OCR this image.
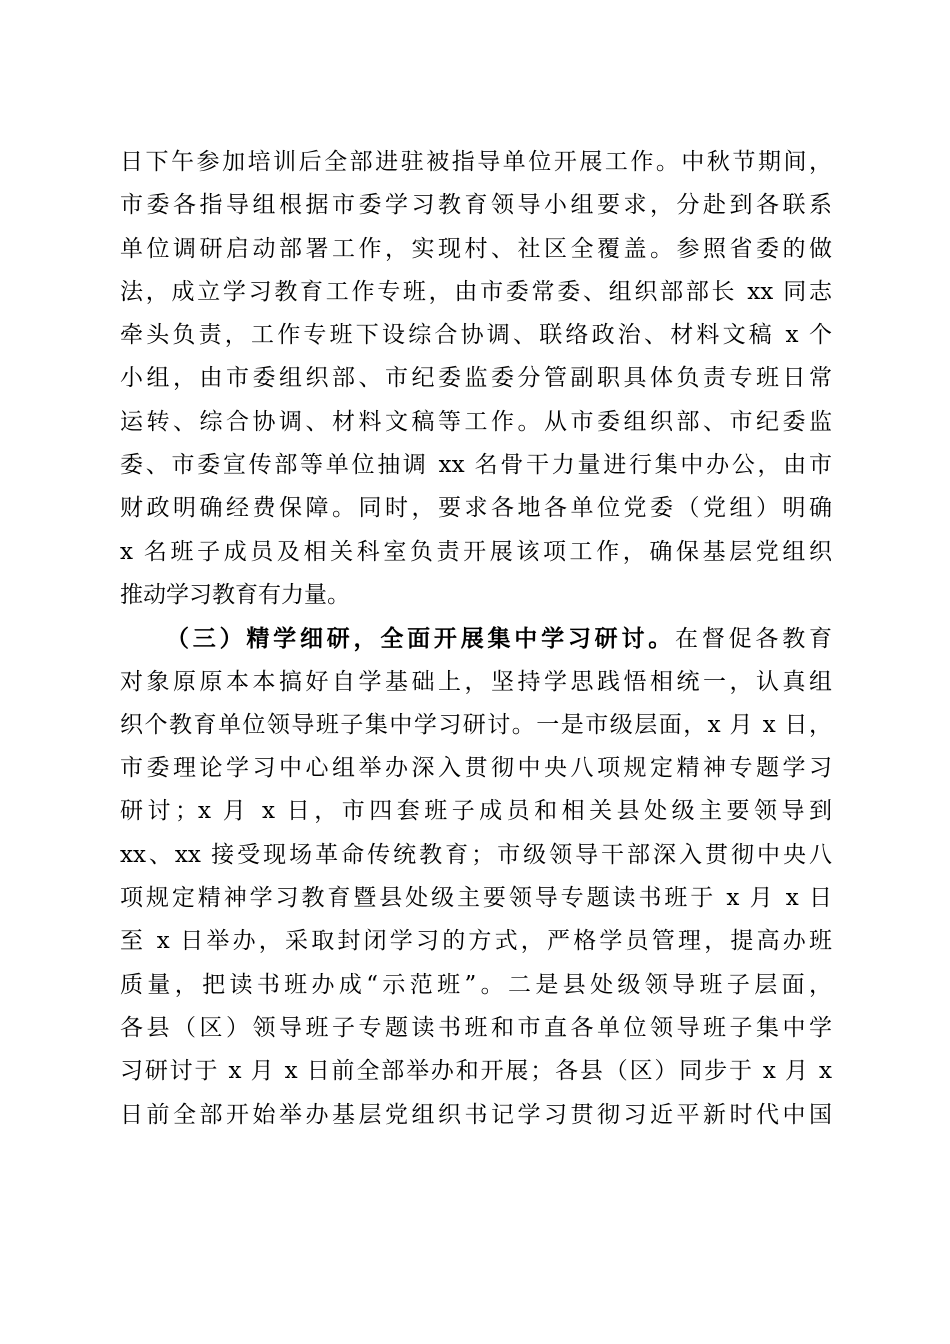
日下午参加培训后全部进驻被指导单位开展工作。中秋节期间，
市委各指导组根据市委学习教育领导小组要求，分赴到各联系
单位调研启动部署工作，实现村、社区全覆盖。参照省委的做
法，成立学习教育工作专班，由市委常委、组织部部长 xx 同志
牵头负责，工作专班下设综合协调、联络政治、材料文稿 x 个
小组，由市委组织部、市纪委监委分管副职具体负责专班日常
运转、综合协调、材料文稿等工作。从市委组织部、市纪委监
委、市委宣传部等单位抽调 xx 名骨干力量进行集中办公，由市
财政明确经费保障。同时，要求各地各单位党委（党组）明确
x 名班子成员及相关科室负责开展该项工作，确保基层党组织
推动学习教育有力量。
（三）精学细研，全面开展集中学习研讨。在督促各教育
对象原原本本搞好自学基础上，坚持学思践悟相统一，认真组
织个教育单位领导班子集中学习研讨。一是市级层面，x 月 x 日，
市委理论学习中心组举办深入贯彻中央八项规定精神专题学习
研讨；x 月 x 日，市四套班子成员和相关县处级主要领导到
xx、xx 接受现场革命传统教育；市级领导干部深入贯彻中央八
项规定精神学习教育暨县处级主要领导专题读书班于 x 月 x 日
至 x 日举办，采取封闭学习的方式，严格学员管理，提高办班
质量，把读书班办成“示范班”。二是县处级领导班子层面，
各县（区）领导班子专题读书班和市直各单位领导班子集中学
习研讨于 x 月 x 日前全部举办和开展；各县（区）同步于 x 月 x
日前全部开始举办基层党组织书记学习贯彻习近平新时代中国
